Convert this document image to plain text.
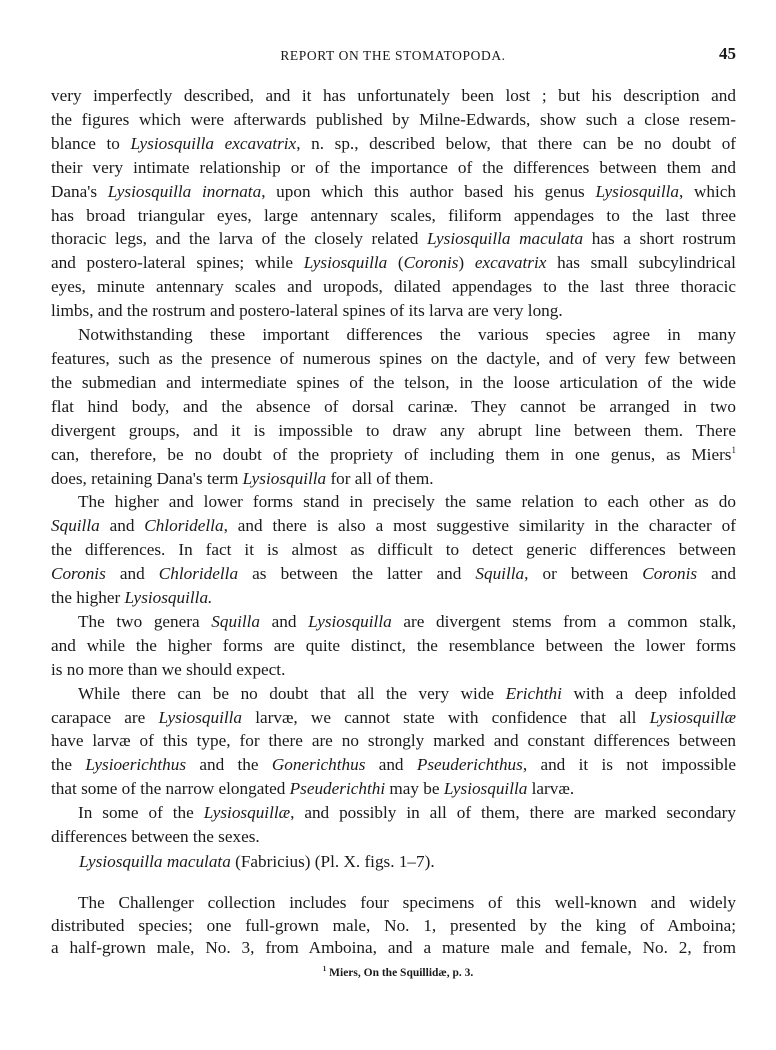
REPORT ON THE STOMATOPODA.	45
very imperfectly described, and it has unfortunately been lost ; but his description and
the figures which were afterwards published by Milne-Edwards, show such a close resem-
blance to Lysiosquilla excavatrix, n. sp., described below, that there can be no doubt of
their very intimate relationship or of the importance of the differences between them and
Dana's Lysiosquilla inornata, upon which this author based his genus Lysiosquilla, which
has broad triangular eyes, large antennary scales, filiform appendages to the last three
thoracic legs, and the larva of the closely related Lysiosquilla maculata has a short rostrum
and postero-lateral spines; while Lysiosquilla (Coronis) excavatrix has small subcylindrical
eyes, minute antennary scales and uropods, dilated appendages to the last three thoracic
limbs, and the rostrum and postero-lateral spines of its larva are very long.
Notwithstanding these important differences the various species agree in many
features, such as the presence of numerous spines on the dactyle, and of very few between
the submedian and intermediate spines of the telson, in the loose articulation of the wide
flat hind body, and the absence of dorsal carinæ. They cannot be arranged in two
divergent groups, and it is impossible to draw any abrupt line between them. There
can, therefore, be no doubt of the propriety of including them in one genus, as Miers$^1$
does, retaining Dana's term Lysiosquilla for all of them.
The higher and lower forms stand in precisely the same relation to each other as do
Squilla and Chloridella, and there is also a most suggestive similarity in the character of
the differences. In fact it is almost as difficult to detect generic differences between
Coronis and Chloridella as between the latter and Squilla, or between Coronis and
the higher Lysiosquilla.
The two genera Squilla and Lysiosquilla are divergent stems from a common stalk,
and while the higher forms are quite distinct, the resemblance between the lower forms
is no more than we should expect.
While there can be no doubt that all the very wide Erichthi with a deep infolded
carapace are Lysiosquilla larvæ, we cannot state with confidence that all Lysiosquillæ
have larvæ of this type, for there are no strongly marked and constant differences between
the Lysioerichthus and the Gonerichthus and Pseuderichthus, and it is not impossible
that some of the narrow elongated Pseuderichthi may be Lysiosquilla larvæ.
In some of the Lysiosquillæ, and possibly in all of them, there are marked secondary
differences between the sexes.
Lysiosquilla maculata (Fabricius) (Pl. X. figs. 1–7).
The Challenger collection includes four specimens of this well-known and widely
distributed species; one full-grown male, No. 1, presented by the king of Amboina;
a half-grown male, No. 3, from Amboina, and a mature male and female, No. 2, from
$^1$ Miers, On the Squillidæ, p. 3.
